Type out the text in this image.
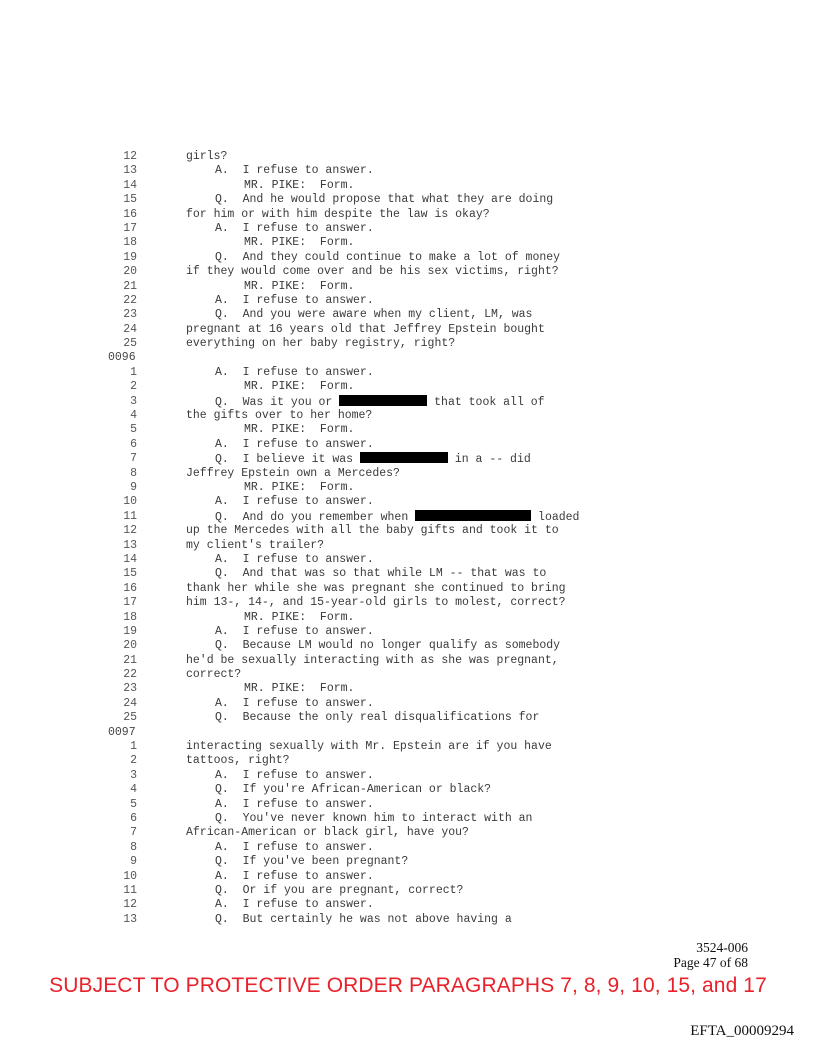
12	girls?
13	A.  I refuse to answer.
14	MR. PIKE:  Form.
15	Q.  And he would propose that what they are doing
16	for him or with him despite the law is okay?
17	A.  I refuse to answer.
18	MR. PIKE:  Form.
19	Q.  And they could continue to make a lot of money
20	if they would come over and be his sex victims, right?
21	MR. PIKE:  Form.
22	A.  I refuse to answer.
23	Q.  And you were aware when my client, LM, was
24	pregnant at 16 years old that Jeffrey Epstein bought
25	everything on her baby registry, right?
0096
1	A.  I refuse to answer.
2	MR. PIKE:  Form.
3	Q.  Was it you or	that took all of
4	the gifts over to her home?
5	MR. PIKE:  Form.
6	A.  I refuse to answer.
7	Q.  I believe it was	in a -- did
8	Jeffrey Epstein own a Mercedes?
9	MR. PIKE:  Form.
10	A.  I refuse to answer.
11	Q.  And do you remember when	loaded
12	up the Mercedes with all the baby gifts and took it to
13	my client's trailer?
14	A.  I refuse to answer.
15	Q.  And that was so that while LM -- that was to
16	thank her while she was pregnant she continued to bring
17	him 13-, 14-, and 15-year-old girls to molest, correct?
18	MR. PIKE:  Form.
19	A.  I refuse to answer.
20	Q.  Because LM would no longer qualify as somebody
21	he'd be sexually interacting with as she was pregnant,
22	correct?
23	MR. PIKE:  Form.
24	A.  I refuse to answer.
25	Q.  Because the only real disqualifications for
0097
1	interacting sexually with Mr. Epstein are if you have
2	tattoos, right?
3	A.  I refuse to answer.
4	Q.  If you're African-American or black?
5	A.  I refuse to answer.
6	Q.  You've never known him to interact with an
7	African-American or black girl, have you?
8	A.  I refuse to answer.
9	Q.  If you've been pregnant?
10	A.  I refuse to answer.
11	Q.  Or if you are pregnant, correct?
12	A.  I refuse to answer.
13	Q.  But certainly he was not above having a
3524-006
Page 47 of 68
SUBJECT TO PROTECTIVE ORDER PARAGRAPHS 7, 8, 9, 10, 15, and 17
EFTA_00009294
